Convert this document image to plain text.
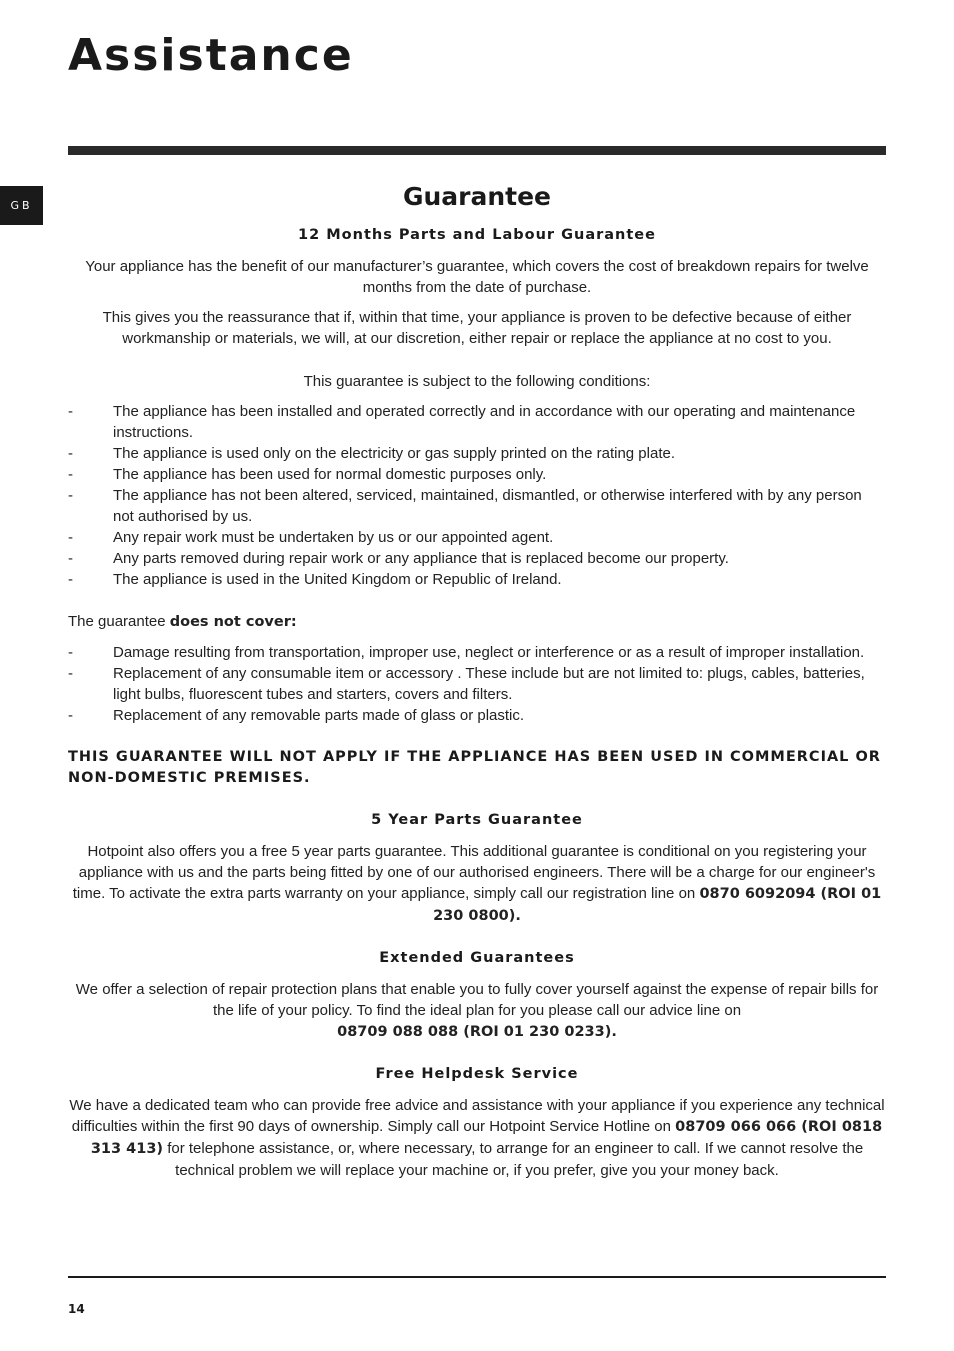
Assistance
GB	Guarantee
12 Months Parts and Labour Guarantee

Your appliance has the benefit of our manufacturer’s guarantee, which covers the cost of breakdown repairs for twelve months from the date of purchase.

This gives you the reassurance that if, within that time, your appliance is proven to be defective because of either workmanship or materials, we will, at our discretion, either repair or replace the appliance at no cost to you.

This guarantee is subject to the following conditions:

-	The appliance has been installed and operated correctly and in accordance with our operating and maintenance instructions.
-	The appliance is used only on the electricity or gas supply printed on the rating plate.
-	The appliance has been used for normal domestic purposes only.
-	The appliance has not been altered, serviced, maintained, dismantled, or otherwise interfered with by any person not authorised by us.
-	Any repair work must be undertaken by us or our appointed agent.
-	Any parts removed during repair work or any appliance that is replaced become our property.
-	The appliance is used in the United Kingdom or Republic of Ireland.

The guarantee does not cover:

-	Damage resulting from transportation, improper use, neglect or interference or as a result of improper installation.
-	Replacement of any consumable item or accessory . These include but are not limited to: plugs, cables, batteries, light bulbs, fluorescent tubes and starters, covers and filters.
-	Replacement of any removable parts made of glass or plastic.

THIS GUARANTEE WILL NOT APPLY IF THE APPLIANCE HAS BEEN USED IN COMMERCIAL OR NON-DOMESTIC PREMISES.

5 Year Parts Guarantee

Hotpoint also offers you a free 5 year parts guarantee. This additional guarantee is conditional on you registering your appliance with us and the parts being fitted by one of our authorised engineers. There will be a charge for our engineer's time. To activate the extra parts warranty on your appliance, simply call our registration line on 0870 6092094 (ROI 01 230 0800).

Extended Guarantees

We offer a selection of repair protection plans that enable you to fully cover yourself against the expense of repair bills for the life of your policy. To find the ideal plan for you please call our advice line on
08709 088 088 (ROI 01 230 0233).

Free Helpdesk Service

We have a dedicated team who can provide free advice and assistance with your appliance if you experience any technical difficulties within the first 90 days of ownership. Simply call our Hotpoint Service Hotline on 08709 066 066 (ROI 0818 313 413) for telephone assistance, or, where necessary, to arrange for an engineer to call. If we cannot resolve the technical problem we will replace your machine or, if you prefer, give you your money back.

14
